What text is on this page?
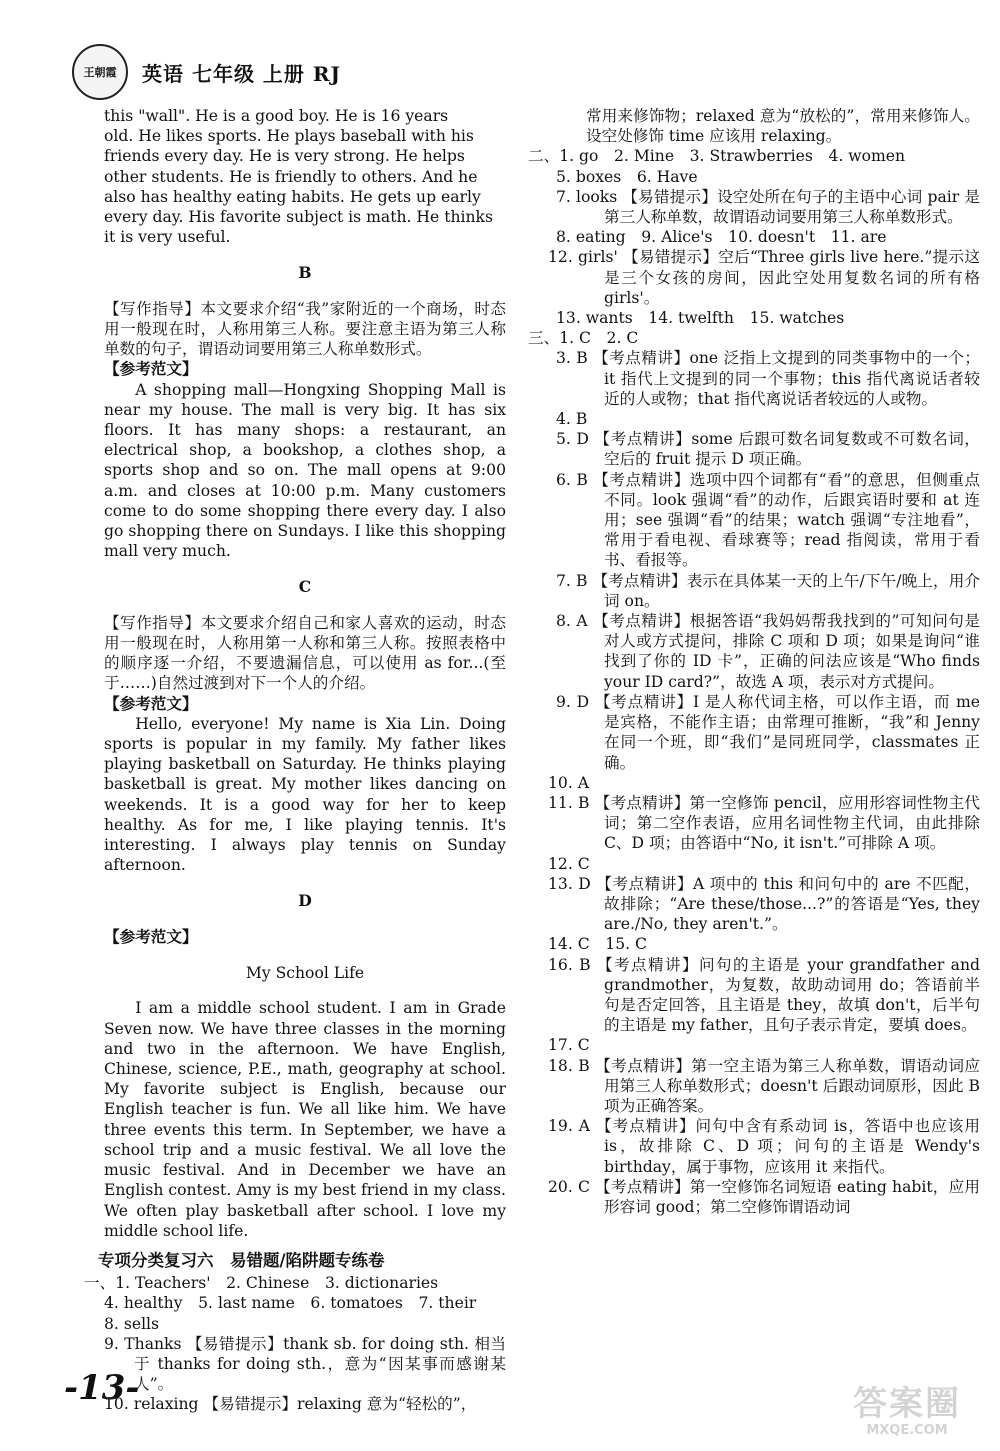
王朝霞 英语 七年级 上册 RJ

this "wall". He is a good boy. He is 16 years

old. He likes sports. He plays baseball with his

friends every day. He is very strong. He helps

other students. He is friendly to others. And he

also has healthy eating habits. He gets up early

every day. His favorite subject is math. He thinks

it is very useful.

B

【写作指导】本文要求介绍“我”家附近的一个商场，时态用一般现在时，人称用第三人称。要注意主语为第三人称单数的句子，谓语动词要用第三人称单数形式。

【参考范文】

A shopping mall—Hongxing Shopping Mall is near my house. The mall is very big. It has six floors. It has many shops: a restaurant, an electrical shop, a bookshop, a clothes shop, a sports shop and so on. The mall opens at 9:00 a.m. and closes at 10:00 p.m. Many customers come to do some shopping there every day. I also go shopping there on Sundays. I like this shopping mall very much.

C

【写作指导】本文要求介绍自己和家人喜欢的运动，时态用一般现在时，人称用第一人称和第三人称。按照表格中的顺序逐一介绍，不要遗漏信息，可以使用 as for...(至于……)自然过渡到对下一个人的介绍。

【参考范文】

Hello, everyone! My name is Xia Lin. Doing sports is popular in my family. My father likes playing basketball on Saturday. He thinks playing basketball is great. My mother likes dancing on weekends. It is a good way for her to keep healthy. As for me, I like playing tennis. It's interesting. I always play tennis on Sunday afternoon.

D

【参考范文】

My School Life

I am a middle school student. I am in Grade Seven now. We have three classes in the morning and two in the afternoon. We have English, Chinese, science, P.E., math, geography at school. My favorite subject is English, because our English teacher is fun. We all like him. We have three events this term. In September, we have a school trip and a music festival. We all love the music festival. And in December we have an English contest. Amy is my best friend in my class. We often play basketball after school. I love my middle school life.

专项分类复习六　易错题/陷阱题专练卷

一、1. Teachers'　2. Chinese　3. dictionaries

4. healthy　5. last name　6. tomatoes　7. their

8. sells

9. Thanks 【易错提示】thank sb. for doing sth. 相当于 thanks for doing sth.，意为“因某事而感谢某人”。

10. relaxing 【易错提示】relaxing 意为“轻松的”，

常用来修饰物；relaxed 意为“放松的”，常用来修饰人。设空处修饰 time 应该用 relaxing。

二、1. go　2. Mine　3. Strawberries　4. women

5. boxes　6. Have

7. looks 【易错提示】设空处所在句子的主语中心词 pair 是第三人称单数，故谓语动词要用第三人称单数形式。

8. eating　9. Alice's　10. doesn't　11. are

12. girls' 【易错提示】空后“Three girls live here.”提示这是三个女孩的房间，因此空处用复数名词的所有格 girls'。

13. wants　14. twelfth　15. watches

三、1. C　2. C

3. B 【考点精讲】one 泛指上文提到的同类事物中的一个；it 指代上文提到的同一个事物；this 指代离说话者较近的人或物；that 指代离说话者较远的人或物。

4. B

5. D 【考点精讲】some 后跟可数名词复数或不可数名词，空后的 fruit 提示 D 项正确。

6. B 【考点精讲】选项中四个词都有“看”的意思，但侧重点不同。look 强调“看”的动作，后跟宾语时要和 at 连用；see 强调“看”的结果；watch 强调“专注地看”，常用于看电视、看球赛等；read 指阅读，常用于看书、看报等。

7. B 【考点精讲】表示在具体某一天的上午/下午/晚上，用介词 on。

8. A 【考点精讲】根据答语“我妈妈帮我找到的”可知问句是对人或方式提问，排除 C 项和 D 项；如果是询问“谁找到了你的 ID 卡”，正确的问法应该是“Who finds your ID card?”，故选 A 项，表示对方式提问。

9. D 【考点精讲】I 是人称代词主格，可以作主语，而 me 是宾格，不能作主语；由常理可推断，“我”和 Jenny 在同一个班，即“我们”是同班同学，classmates 正确。

10. A

11. B 【考点精讲】第一空修饰 pencil，应用形容词性物主代词；第二空作表语，应用名词性物主代词，由此排除 C、D 项；由答语中“No, it isn't.”可排除 A 项。

12. C

13. D 【考点精讲】A 项中的 this 和问句中的 are 不匹配，故排除；“Are these/those...?”的答语是“Yes, they are./No, they aren't.”。

14. C　15. C

16. B 【考点精讲】问句的主语是 your grandfather and grandmother，为复数，故助动词用 do；答语前半句是否定回答，且主语是 they，故填 don't，后半句的主语是 my father，且句子表示肯定，要填 does。

17. C

18. B 【考点精讲】第一空主语为第三人称单数，谓语动词应用第三人称单数形式；doesn't 后跟动词原形，因此 B 项为正确答案。

19. A 【考点精讲】问句中含有系动词 is，答语中也应该用 is，故排除 C、D 项；问句的主语是 Wendy's birthday，属于事物，应该用 it 来指代。

20. C 【考点精讲】第一空修饰名词短语 eating habit，应用形容词 good；第二空修饰谓语动词

-13-	答案圈
MXQE.COM
